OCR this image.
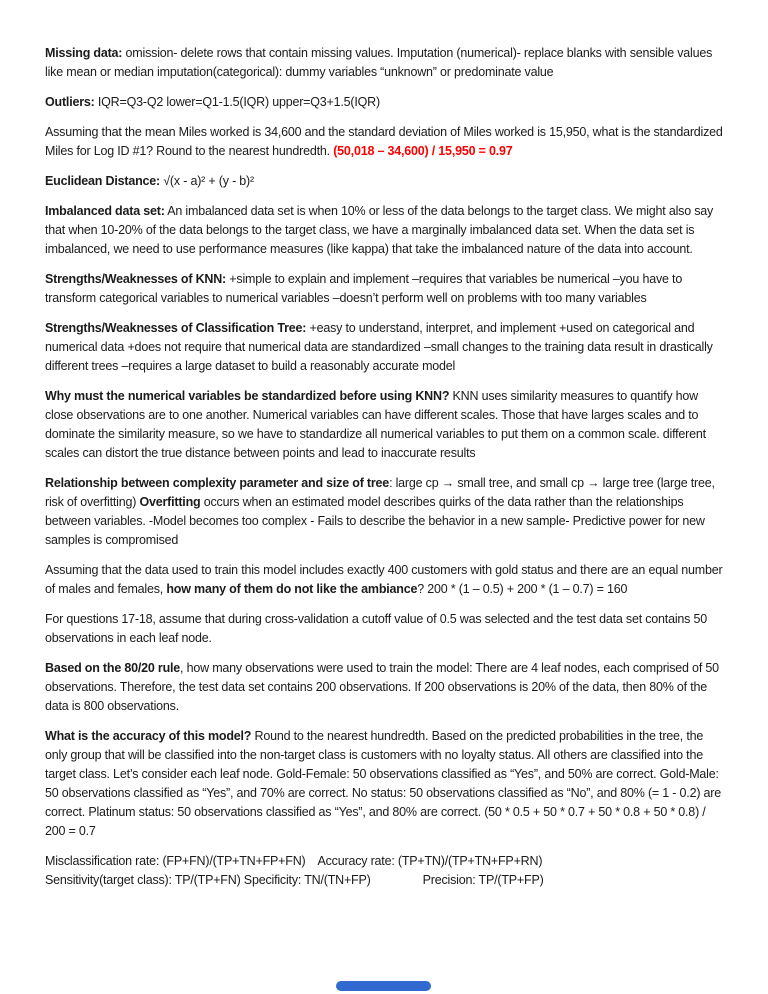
Missing data: omission- delete rows that contain missing values. Imputation (numerical)- replace blanks with sensible values like mean or median imputation(categorical): dummy variables “unknown” or predominate value

Outliers: IQR=Q3-Q2 lower=Q1-1.5(IQR) upper=Q3+1.5(IQR)

Assuming that the mean Miles worked is 34,600 and the standard deviation of Miles worked is 15,950, what is the standardized Miles for Log ID #1? Round to the nearest hundredth. (50,018 – 34,600) / 15,950 = 0.97

Euclidean Distance: √(x - a)² + (y - b)²

Imbalanced data set: An imbalanced data set is when 10% or less of the data belongs to the target class. We might also say that when 10-20% of the data belongs to the target class, we have a marginally imbalanced data set. When the data set is imbalanced, we need to use performance measures (like kappa) that take the imbalanced nature of the data into account.

Strengths/Weaknesses of KNN: +simple to explain and implement –requires that variables be numerical –you have to transform categorical variables to numerical variables –doesn’t perform well on problems with too many variables

Strengths/Weaknesses of Classification Tree: +easy to understand, interpret, and implement +used on categorical and numerical data +does not require that numerical data are standardized –small changes to the training data result in drastically different trees –requires a large dataset to build a reasonably accurate model

Why must the numerical variables be standardized before using KNN? KNN uses similarity measures to quantify how close observations are to one another. Numerical variables can have different scales. Those that have larges scales and to dominate the similarity measure, so we have to standardize all numerical variables to put them on a common scale. different scales can distort the true distance between points and lead to inaccurate results

Relationship between complexity parameter and size of tree: large cp → small tree, and small cp → large tree (large tree, risk of overfitting) Overfitting occurs when an estimated model describes quirks of the data rather than the relationships between variables. -Model becomes too complex - Fails to describe the behavior in a new sample- Predictive power for new samples is compromised

Assuming that the data used to train this model includes exactly 400 customers with gold status and there are an equal number of males and females, how many of them do not like the ambiance? 200 * (1 – 0.5) + 200 * (1 – 0.7) = 160

For questions 17-18, assume that during cross-validation a cutoff value of 0.5 was selected and the test data set contains 50 observations in each leaf node.

Based on the 80/20 rule, how many observations were used to train the model: There are 4 leaf nodes, each comprised of 50 observations. Therefore, the test data set contains 200 observations. If 200 observations is 20% of the data, then 80% of the data is 800 observations.

What is the accuracy of this model? Round to the nearest hundredth. Based on the predicted probabilities in the tree, the only group that will be classified into the non-target class is customers with no loyalty status. All others are classified into the target class. Let’s consider each leaf node. Gold-Female: 50 observations classified as “Yes”, and 50% are correct. Gold-Male: 50 observations classified as “Yes”, and 70% are correct. No status: 50 observations classified as “No”, and 80% (= 1 - 0.2) are correct. Platinum status: 50 observations classified as “Yes”, and 80% are correct. (50 * 0.5 + 50 * 0.7 + 50 * 0.8 + 50 * 0.8) / 200 = 0.7

Misclassification rate: (FP+FN)/(TP+TN+FP+FN) Accuracy rate: (TP+TN)/(TP+TN+FP+RN)

Sensitivity(target class): TP/(TP+FN) Specificity: TN/(TN+FP)	Precision: TP/(TP+FP)
